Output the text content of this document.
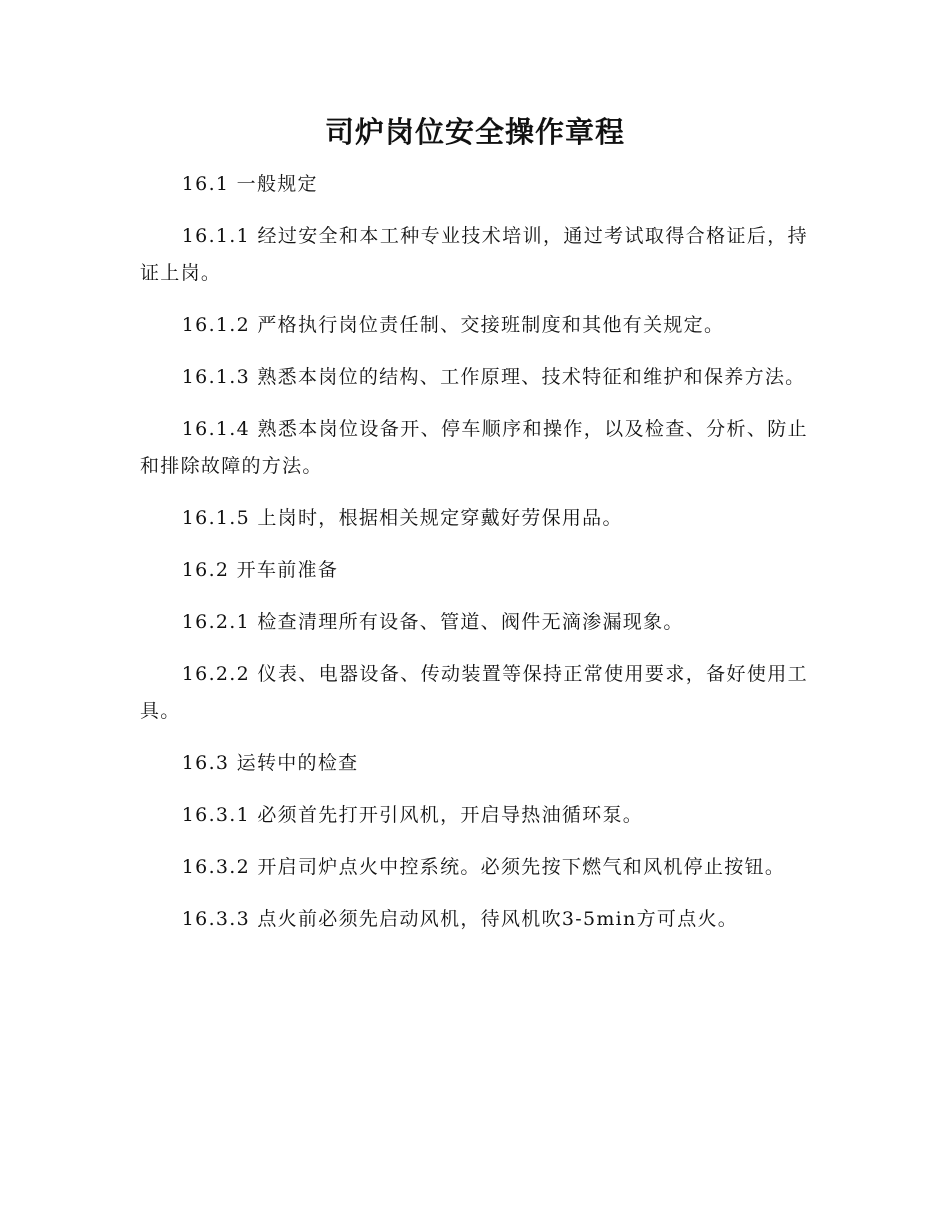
司炉岗位安全操作章程

16.1 一般规定

16.1.1 经过安全和本工种专业技术培训，通过考试取得合格证后，持证上岗。

16.1.2 严格执行岗位责任制、交接班制度和其他有关规定。

16.1.3 熟悉本岗位的结构、工作原理、技术特征和维护和保养方法。

16.1.4 熟悉本岗位设备开、停车顺序和操作，以及检查、分析、防止和排除故障的方法。

16.1.5 上岗时，根据相关规定穿戴好劳保用品。

16.2 开车前准备

16.2.1 检查清理所有设备、管道、阀件无滴渗漏现象。

16.2.2 仪表、电器设备、传动装置等保持正常使用要求，备好使用工具。

16.3 运转中的检查

16.3.1 必须首先打开引风机，开启导热油循环泵。

16.3.2 开启司炉点火中控系统。必须先按下燃气和风机停止按钮。

16.3.3 点火前必须先启动风机，待风机吹3-5min方可点火。
